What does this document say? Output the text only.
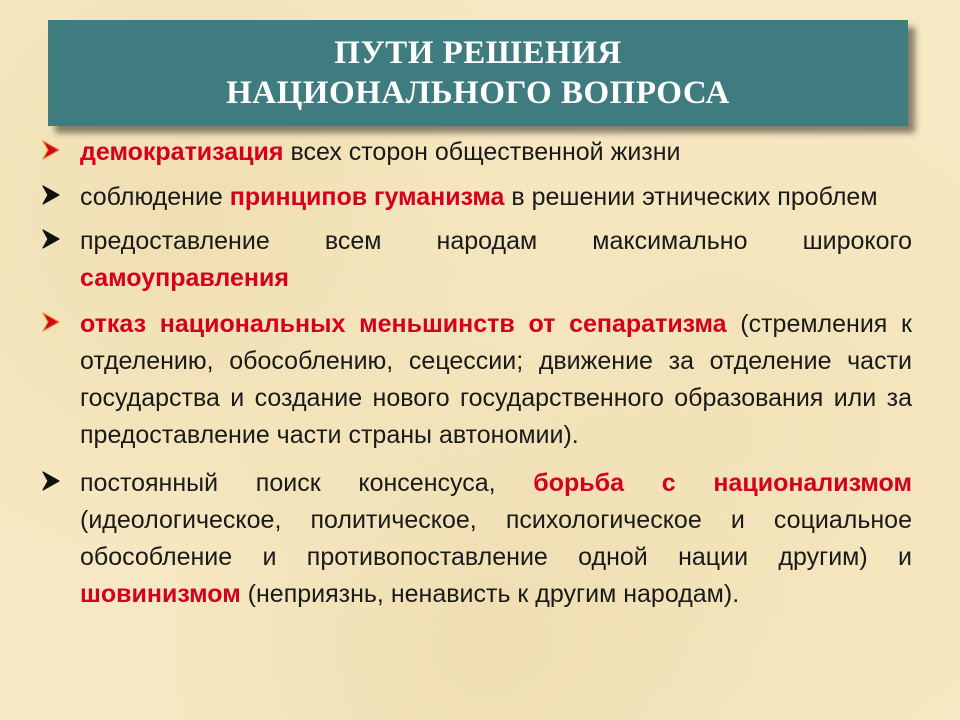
ПУТИ РЕШЕНИЯ
НАЦИОНАЛЬНОГО ВОПРОСА
демократизация всех сторон общественной жизни
соблюдение принципов гуманизма в решении этнических проблем
предоставление всем народам максимально широкого самоуправления
отказ национальных меньшинств от сепаратизма (стремления к отделению, обособлению, сецессии; движение за отделение части государства и создание нового государственного образования или за предоставление части страны автономии).
постоянный поиск консенсуса, борьба с национализмом (идеологическое, политическое, психологическое и социальное обособление и противопоставление одной нации другим) и шовинизмом (неприязнь, ненависть к другим народам).
